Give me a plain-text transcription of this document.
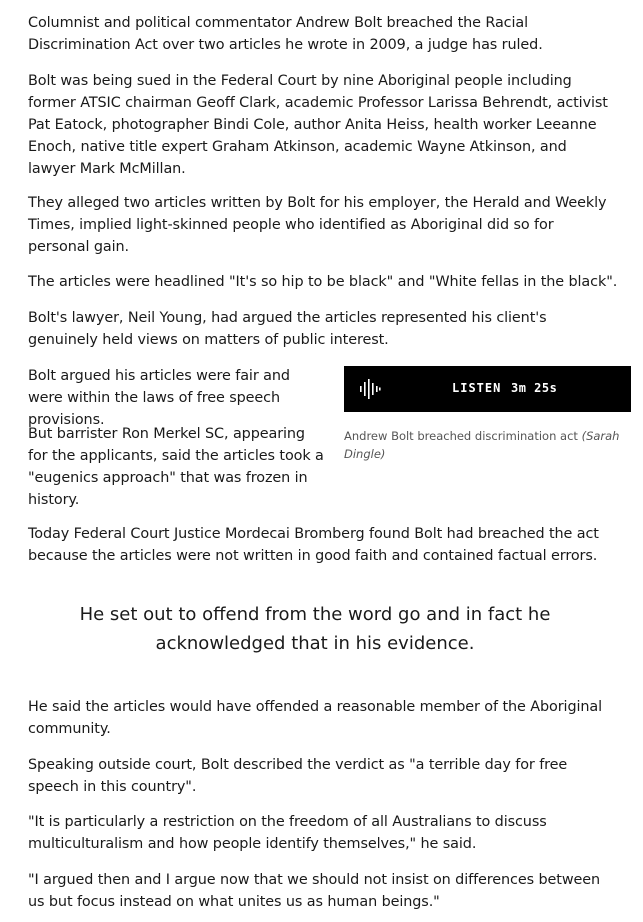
Columnist and political commentator Andrew Bolt breached the Racial Discrimination Act over two articles he wrote in 2009, a judge has ruled.

Bolt was being sued in the Federal Court by nine Aboriginal people including former ATSIC chairman Geoff Clark, academic Professor Larissa Behrendt, activist Pat Eatock, photographer Bindi Cole, author Anita Heiss, health worker Leeanne Enoch, native title expert Graham Atkinson, academic Wayne Atkinson, and lawyer Mark McMillan.

They alleged two articles written by Bolt for his employer, the Herald and Weekly Times, implied light-skinned people who identified as Aboriginal did so for personal gain.

The articles were headlined "It's so hip to be black" and "White fellas in the black".

Bolt's lawyer, Neil Young, had argued the articles represented his client's genuinely held views on matters of public interest.

Bolt argued his articles were fair and were within the laws of free speech provisions.

But barrister Ron Merkel SC, appearing for the applicants, said the articles took a "eugenics approach" that was frozen in history.

LISTEN 3m 25s
Andrew Bolt breached discrimination act (Sarah Dingle)

Today Federal Court Justice Mordecai Bromberg found Bolt had breached the act because the articles were not written in good faith and contained factual errors.

He set out to offend from the word go and in fact he acknowledged that in his evidence.

He said the articles would have offended a reasonable member of the Aboriginal community.

Speaking outside court, Bolt described the verdict as "a terrible day for free speech in this country".

"It is particularly a restriction on the freedom of all Australians to discuss multiculturalism and how people identify themselves," he said.

"I argued then and I argue now that we should not insist on differences between us but focus instead on what unites us as human beings."
